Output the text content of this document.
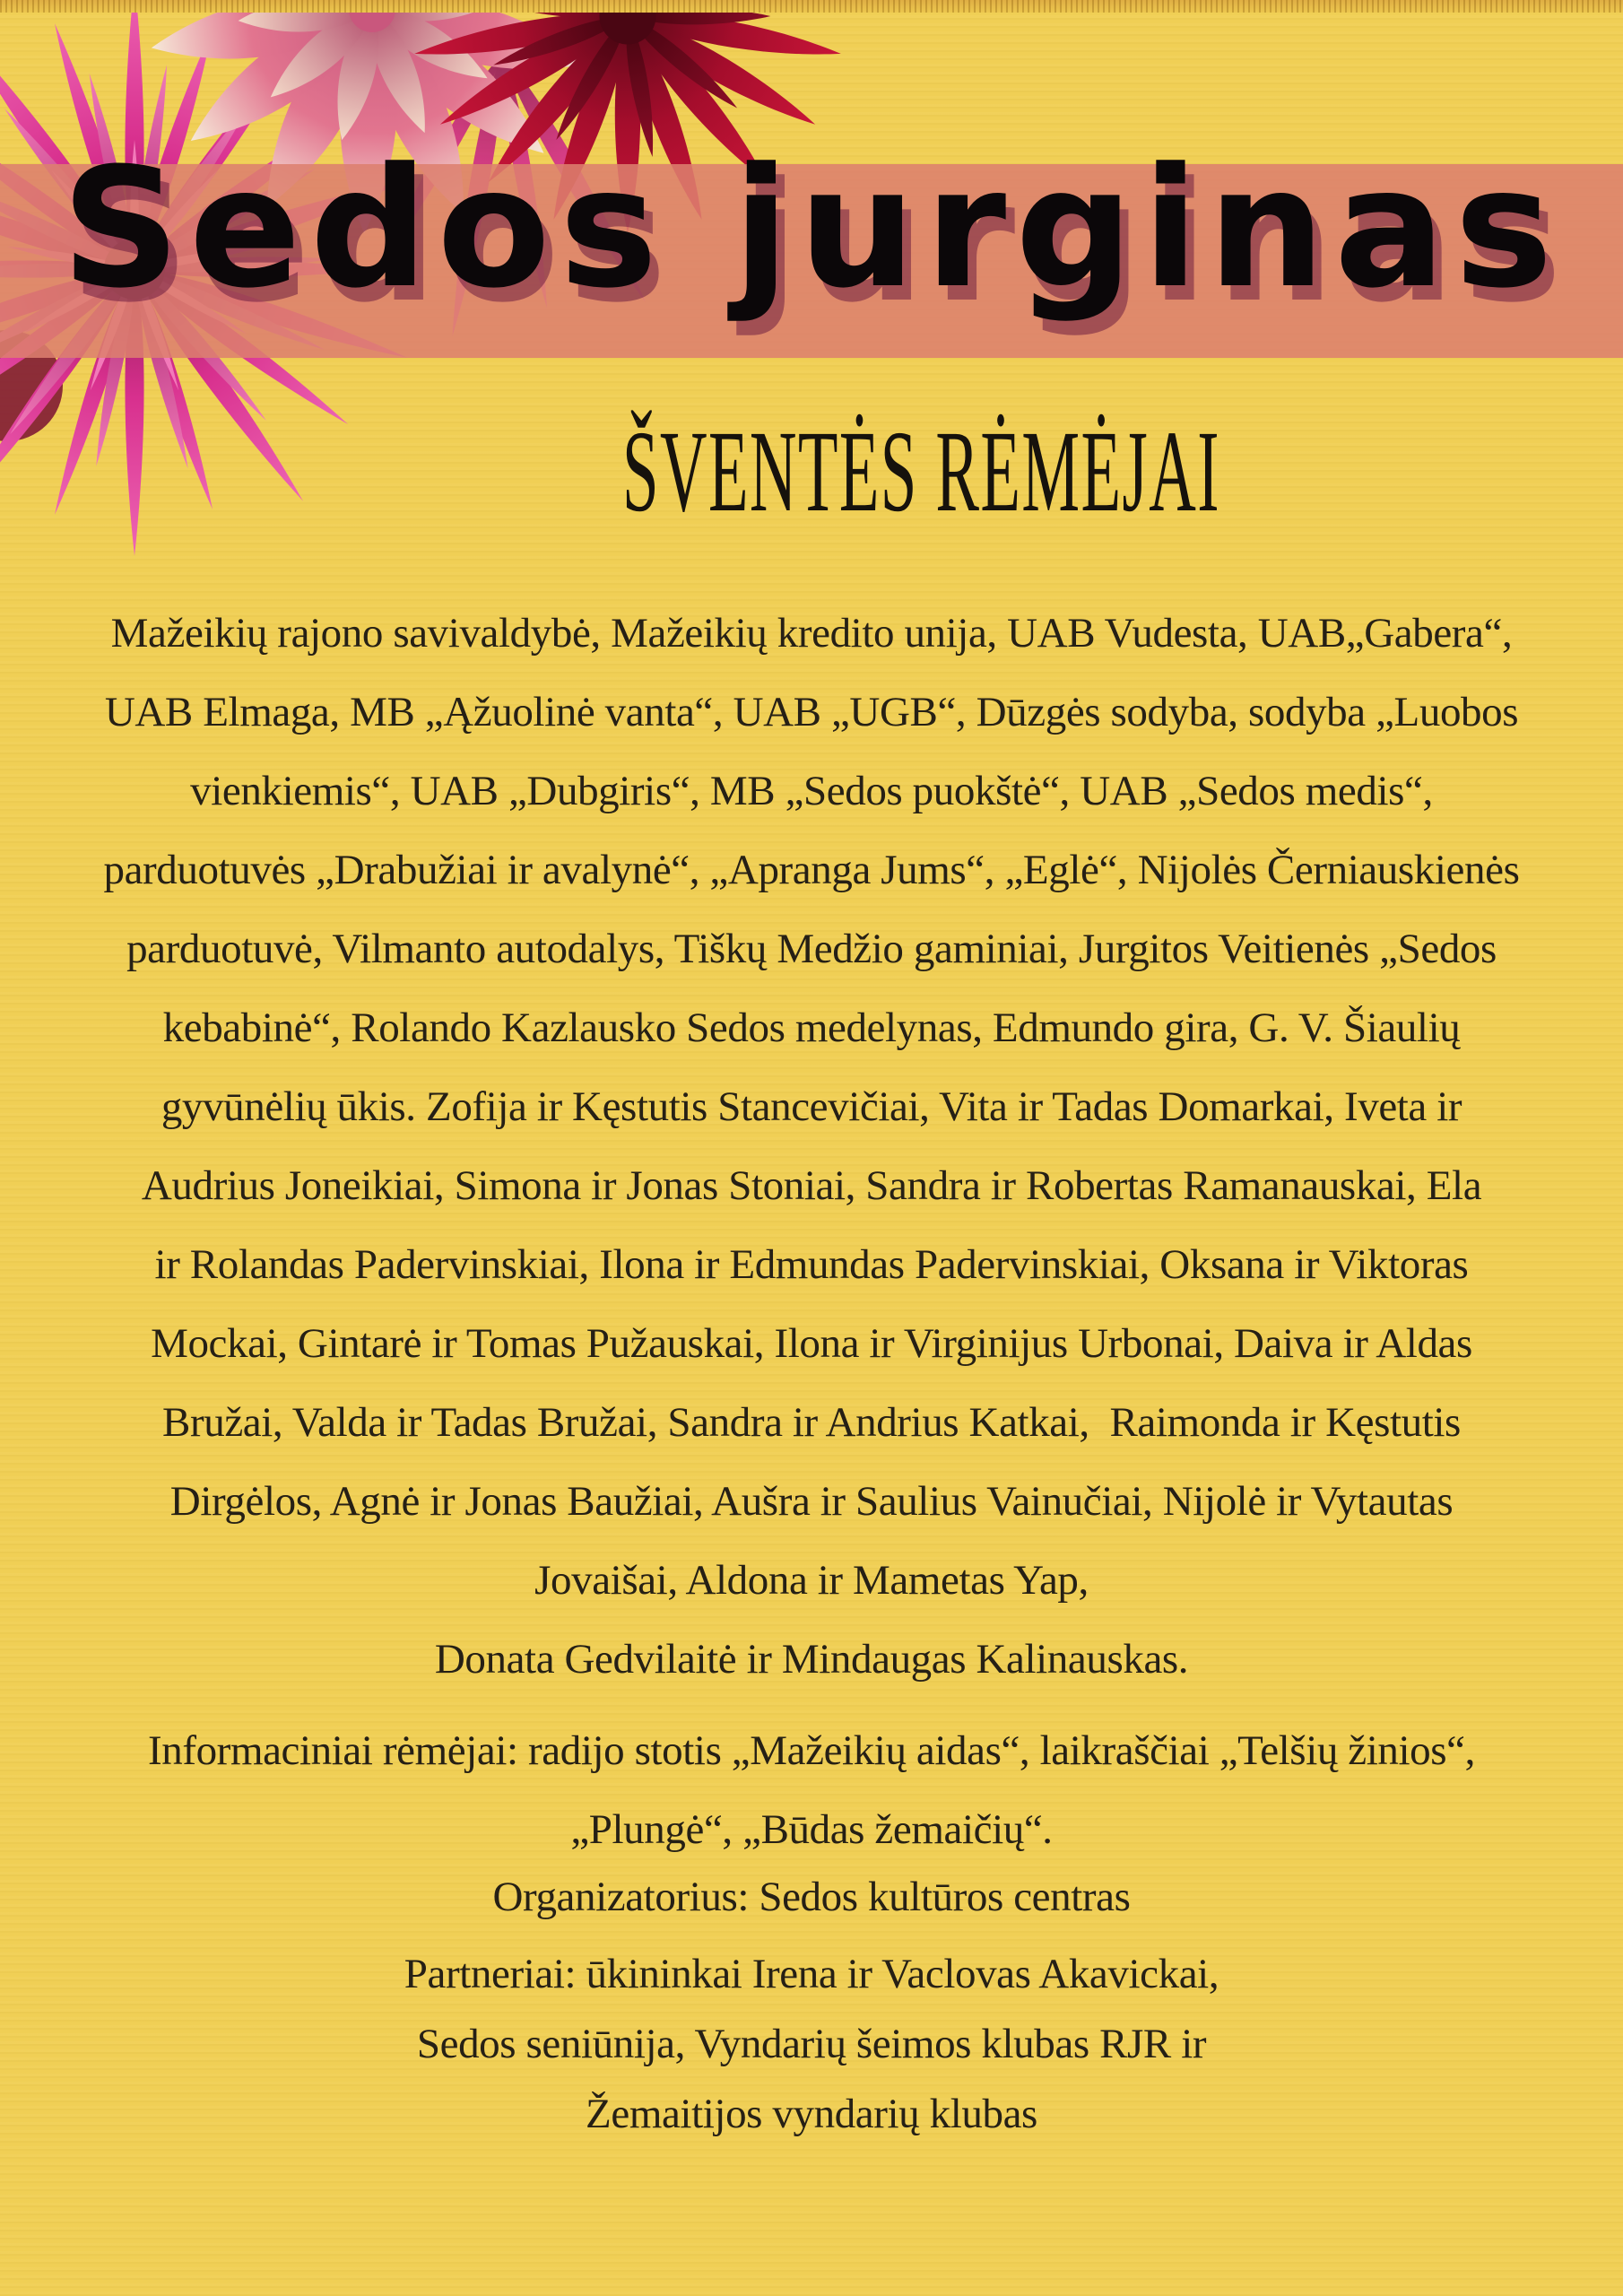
Sedos jurginas
ŠVENTĖS RĖMĖJAI
Mažeikių rajono savivaldybė, Mažeikių kredito unija, UAB Vudesta, UAB„Gabera“,
UAB Elmaga, MB „Ąžuolinė vanta“, UAB „UGB“, Dūzgės sodyba, sodyba „Luobos
vienkiemis“, UAB „Dubgiris“, MB „Sedos puokštė“, UAB „Sedos medis“,
parduotuvės „Drabužiai ir avalynė“, „Apranga Jums“, „Eglė“, Nijolės Černiauskienės
parduotuvė, Vilmanto autodalys, Tiškų Medžio gaminiai, Jurgitos Veitienės „Sedos
kebabinė“, Rolando Kazlausko Sedos medelynas, Edmundo gira, G. V. Šiaulių
gyvūnėlių ūkis. Zofija ir Kęstutis Stancevičiai, Vita ir Tadas Domarkai, Iveta ir
Audrius Joneikiai, Simona ir Jonas Stoniai, Sandra ir Robertas Ramanauskai, Ela
ir Rolandas Padervinskiai, Ilona ir Edmundas Padervinskiai, Oksana ir Viktoras
Mockai, Gintarė ir Tomas Pužauskai, Ilona ir Virginijus Urbonai, Daiva ir Aldas
Bružai, Valda ir Tadas Bružai, Sandra ir Andrius Katkai,  Raimonda ir Kęstutis
Dirgėlos, Agnė ir Jonas Baužiai, Aušra ir Saulius Vainučiai, Nijolė ir Vytautas
Jovaišai, Aldona ir Mametas Yap,
Donata Gedvilaitė ir Mindaugas Kalinauskas.
Informaciniai rėmėjai: radijo stotis „Mažeikių aidas“, laikraščiai „Telšių žinios“,
„Plungė“, „Būdas žemaičių“.
Organizatorius: Sedos kultūros centras
Partneriai: ūkininkai Irena ir Vaclovas Akavickai,
Sedos seniūnija, Vyndarių šeimos klubas RJR ir
Žemaitijos vyndarių klubas
